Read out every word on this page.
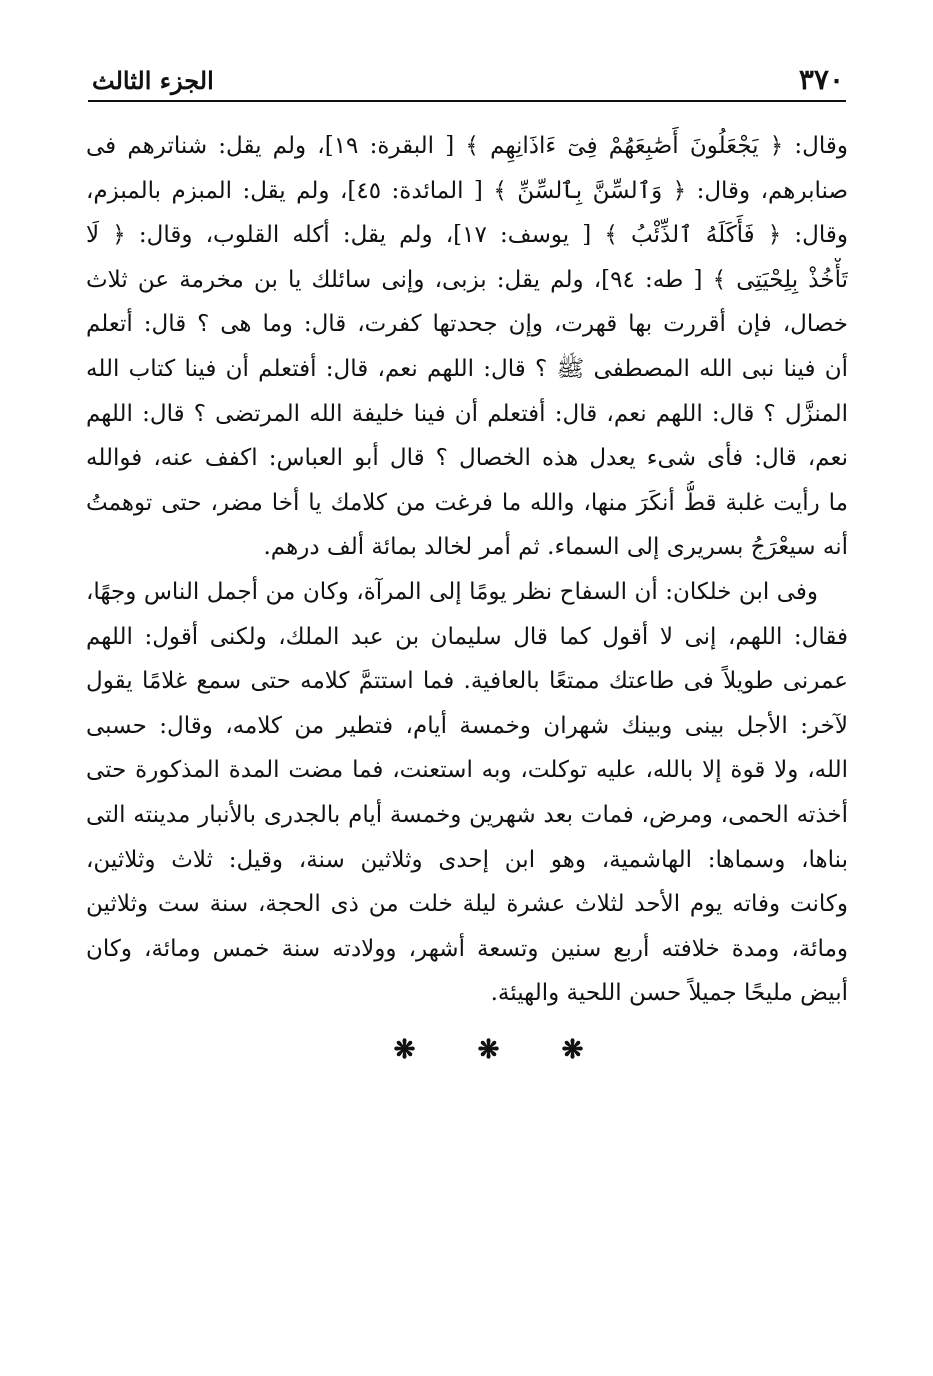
٣٧٠
الجزء الثالث
وقال: ﴿ يَجْعَلُونَ أَصَٰبِعَهُمْ فِىٓ ءَاذَانِهِم ﴾ [ البقرة: ١٩]، ولم يقل: شناترهم فى
صنابرهم، وقال: ﴿ وَٱلسِّنَّ بِٱلسِّنِّ ﴾ [ المائدة: ٤٥]، ولم يقل: المبزم بالمبزم،
وقال: ﴿ فَأَكَلَهُ ٱلذِّئْبُ ﴾ [ يوسف: ١٧]، ولم يقل: أكله القلوب، وقال: ﴿ لَا
تَأْخُذْ بِلِحْيَتِى ﴾ [ طه: ٩٤]، ولم يقل: بزبى، وإنى سائلك يا بن مخرمة عن ثلاث
خصال، فإن أقررت بها قهرت، وإن جحدتها كفرت، قال: وما هى ؟ قال: أتعلم
أن فينا نبى الله المصطفى ﷺ ؟ قال: اللهم نعم، قال: أفتعلم أن فينا كتاب الله
المنزَّل ؟ قال: اللهم نعم، قال: أفتعلم أن فينا خليفة الله المرتضى ؟ قال: اللهم
نعم، قال: فأى شىء يعدل هذه الخصال ؟ قال أبو العباس: اكفف عنه، فوالله
ما رأيت غلبة قطُّ أنكَرَ منها، والله ما فرغت من كلامك يا أخا مضر، حتى توهمتُ
أنه سيعْرَجُ بسريرى إلى السماء. ثم أمر لخالد بمائة ألف درهم.
وفى ابن خلكان: أن السفاح نظر يومًا إلى المرآة، وكان من أجمل الناس وجهًا،
فقال: اللهم، إنى لا أقول كما قال سليمان بن عبد الملك، ولكنى أقول: اللهم
عمرنى طويلاً فى طاعتك ممتعًا بالعافية. فما استتمَّ كلامه حتى سمع غلامًا يقول
لآخر: الأجل بينى وبينك شهران وخمسة أيام، فتطير من كلامه، وقال: حسبى
الله، ولا قوة إلا بالله، عليه توكلت، وبه استعنت، فما مضت المدة المذكورة حتى
أخذته الحمى، ومرض، فمات بعد شهرين وخمسة أيام بالجدرى بالأنبار مدينته التى
بناها، وسماها: الهاشمية، وهو ابن إحدى وثلاثين سنة، وقيل: ثلاث وثلاثين،
وكانت وفاته يوم الأحد لثلاث عشرة ليلة خلت من ذى الحجة، سنة ست وثلاثين
ومائة، ومدة خلافته أربع سنين وتسعة أشهر، وولادته سنة خمس ومائة، وكان
أبيض مليحًا جميلاً حسن اللحية والهيئة.
❋ ❋ ❋
